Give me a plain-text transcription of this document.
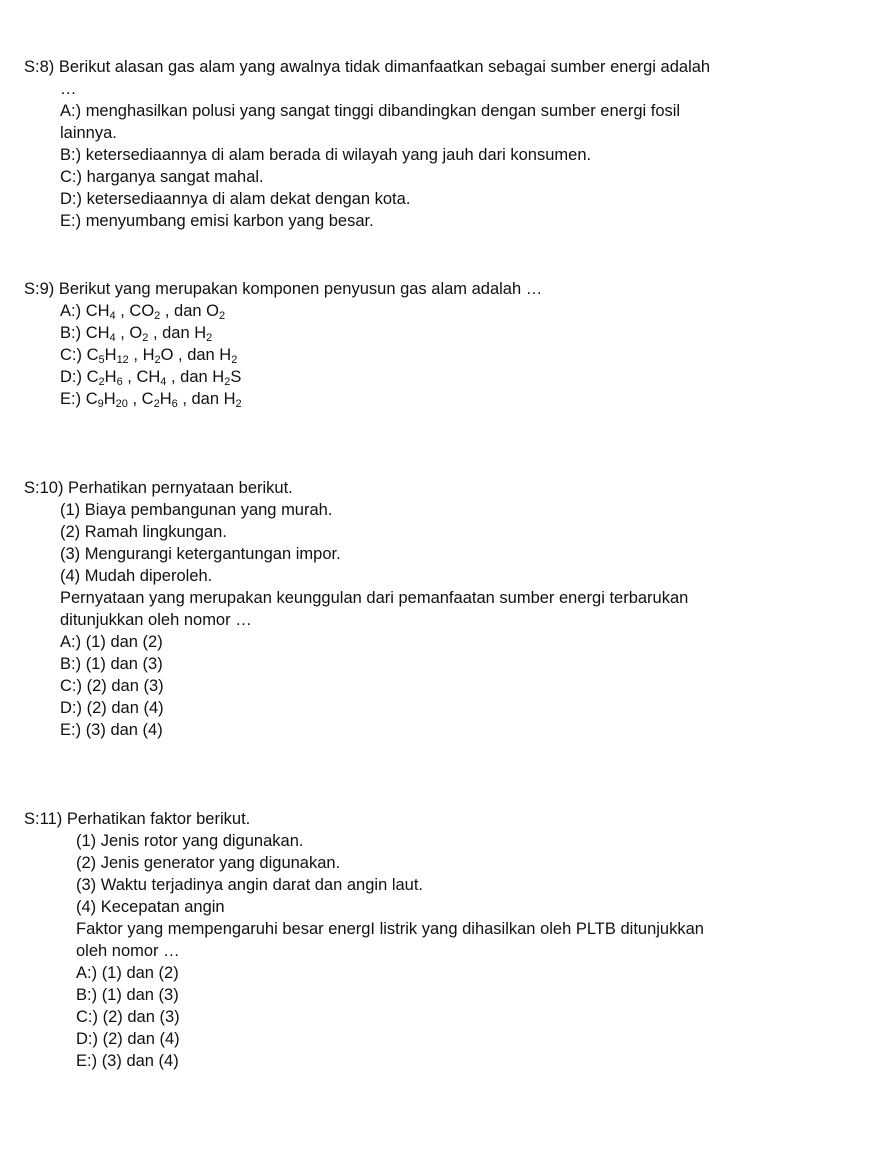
S:8) Berikut alasan gas alam yang awalnya tidak dimanfaatkan sebagai sumber energi adalah
…
A:) menghasilkan polusi yang sangat tinggi dibandingkan dengan sumber energi fosil
lainnya.
B:) ketersediaannya di alam berada di wilayah yang jauh dari konsumen.
C:) harganya sangat mahal.
D:) ketersediaannya di alam dekat dengan kota.
E:) menyumbang emisi karbon yang besar.
S:9) Berikut yang merupakan komponen penyusun gas alam adalah …
A:) $CH_4$ , $CO_2$ , dan $O_2$
B:) $CH_4$ , $O_2$ , dan $H_2$
C:) $C_5H_{12}$ , $H_2O$ , dan $H_2$
D:) $C_2H_6$ , $CH_4$ , dan $H_2S$
E:) $C_9H_{20}$ , $C_2H_6$ , dan $H_2$
S:10) Perhatikan pernyataan berikut.
(1) Biaya pembangunan yang murah.
(2) Ramah lingkungan.
(3) Mengurangi ketergantungan impor.
(4) Mudah diperoleh.
Pernyataan yang merupakan keunggulan dari pemanfaatan sumber energi terbarukan
ditunjukkan oleh nomor …
A:) (1) dan (2)
B:) (1) dan (3)
C:) (2) dan (3)
D:) (2) dan (4)
E:) (3) dan (4)
S:11) Perhatikan faktor berikut.
(1) Jenis rotor yang digunakan.
(2) Jenis generator yang digunakan.
(3) Waktu terjadinya angin darat dan angin laut.
(4) Kecepatan angin
Faktor yang mempengaruhi besar energI listrik yang dihasilkan oleh PLTB ditunjukkan
oleh nomor …
A:) (1) dan (2)
B:) (1) dan (3)
C:) (2) dan (3)
D:) (2) dan (4)
E:) (3) dan (4)
